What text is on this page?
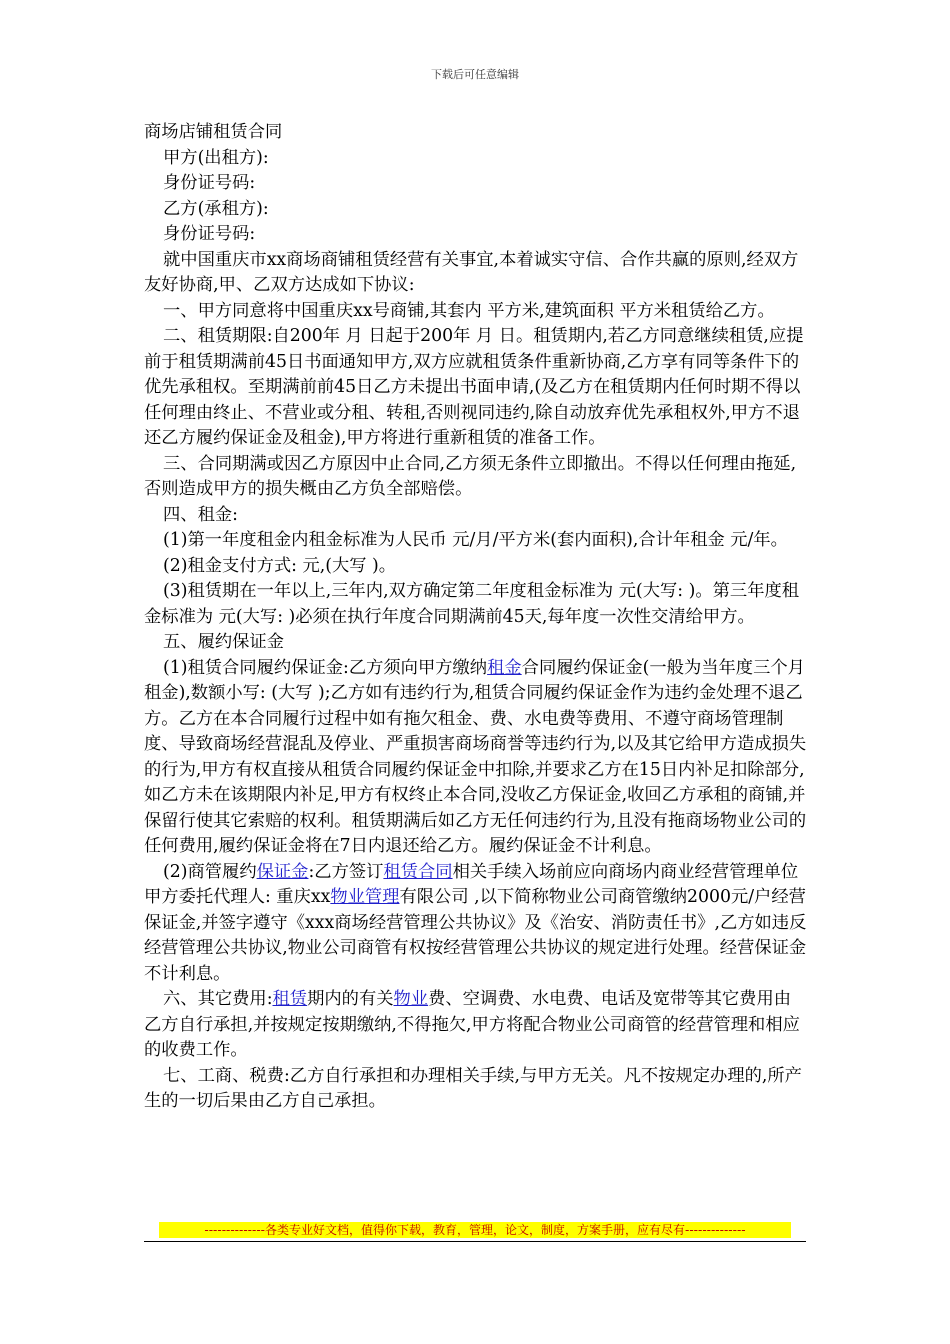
下载后可任意编辑

商场店铺租赁合同

甲方(出租方):

身份证号码:

乙方(承租方):

身份证号码:

就中国重庆市xx商场商铺租赁经营有关事宜,本着诚实守信、合作共赢的原则,经双方友好协商,甲、乙双方达成如下协议:

一、甲方同意将中国重庆xx号商铺,其套内 平方米,建筑面积 平方米租赁给乙方。

二、租赁期限:自200年 月 日起于200年 月 日。租赁期内,若乙方同意继续租赁,应提前于租赁期满前45日书面通知甲方,双方应就租赁条件重新协商,乙方享有同等条件下的优先承租权。至期满前前45日乙方未提出书面申请,(及乙方在租赁期内任何时期不得以任何理由终止、不营业或分租、转租,否则视同违约,除自动放弃优先承租权外,甲方不退还乙方履约保证金及租金),甲方将进行重新租赁的准备工作。

三、合同期满或因乙方原因中止合同,乙方须无条件立即撤出。不得以任何理由拖延,否则造成甲方的损失概由乙方负全部赔偿。

四、租金:

(1)第一年度租金内租金标准为人民币 元/月/平方米(套内面积),合计年租金 元/年。

(2)租金支付方式: 元,(大写 )。

(3)租赁期在一年以上,三年内,双方确定第二年度租金标准为 元(大写: )。第三年度租金标准为 元(大写: )必须在执行年度合同期满前45天,每年度一次性交清给甲方。

五、履约保证金

(1)租赁合同履约保证金:乙方须向甲方缴纳租金合同履约保证金(一般为当年度三个月租金),数额小写: (大写 );乙方如有违约行为,租赁合同履约保证金作为违约金处理不退乙方。乙方在本合同履行过程中如有拖欠租金、费、水电费等费用、不遵守商场管理制度、导致商场经营混乱及停业、严重损害商场商誉等违约行为,以及其它给甲方造成损失的行为,甲方有权直接从租赁合同履约保证金中扣除,并要求乙方在15日内补足扣除部分,如乙方未在该期限内补足,甲方有权终止本合同,没收乙方保证金,收回乙方承租的商铺,并保留行使其它索赔的权利。租赁期满后如乙方无任何违约行为,且没有拖商场物业公司的任何费用,履约保证金将在7日内退还给乙方。履约保证金不计利息。

(2)商管履约保证金:乙方签订租赁合同相关手续入场前应向商场内商业经营管理单位甲方委托代理人: 重庆xx物业管理有限公司 ,以下简称物业公司商管缴纳2000元/户经营保证金,并签字遵守《xxx商场经营管理公共协议》及《治安、消防责任书》,乙方如违反经营管理公共协议,物业公司商管有权按经营管理公共协议的规定进行处理。经营保证金不计利息。

六、其它费用:租赁期内的有关物业费、空调费、水电费、电话及宽带等其它费用由乙方自行承担,并按规定按期缴纳,不得拖欠,甲方将配合物业公司商管的经营管理和相应的收费工作。

七、工商、税费:乙方自行承担和办理相关手续,与甲方无关。凡不按规定办理的,所产生的一切后果由乙方自己承担。

--------------各类专业好文档，值得你下载，教育，管理，论文，制度，方案手册，应有尽有--------------
